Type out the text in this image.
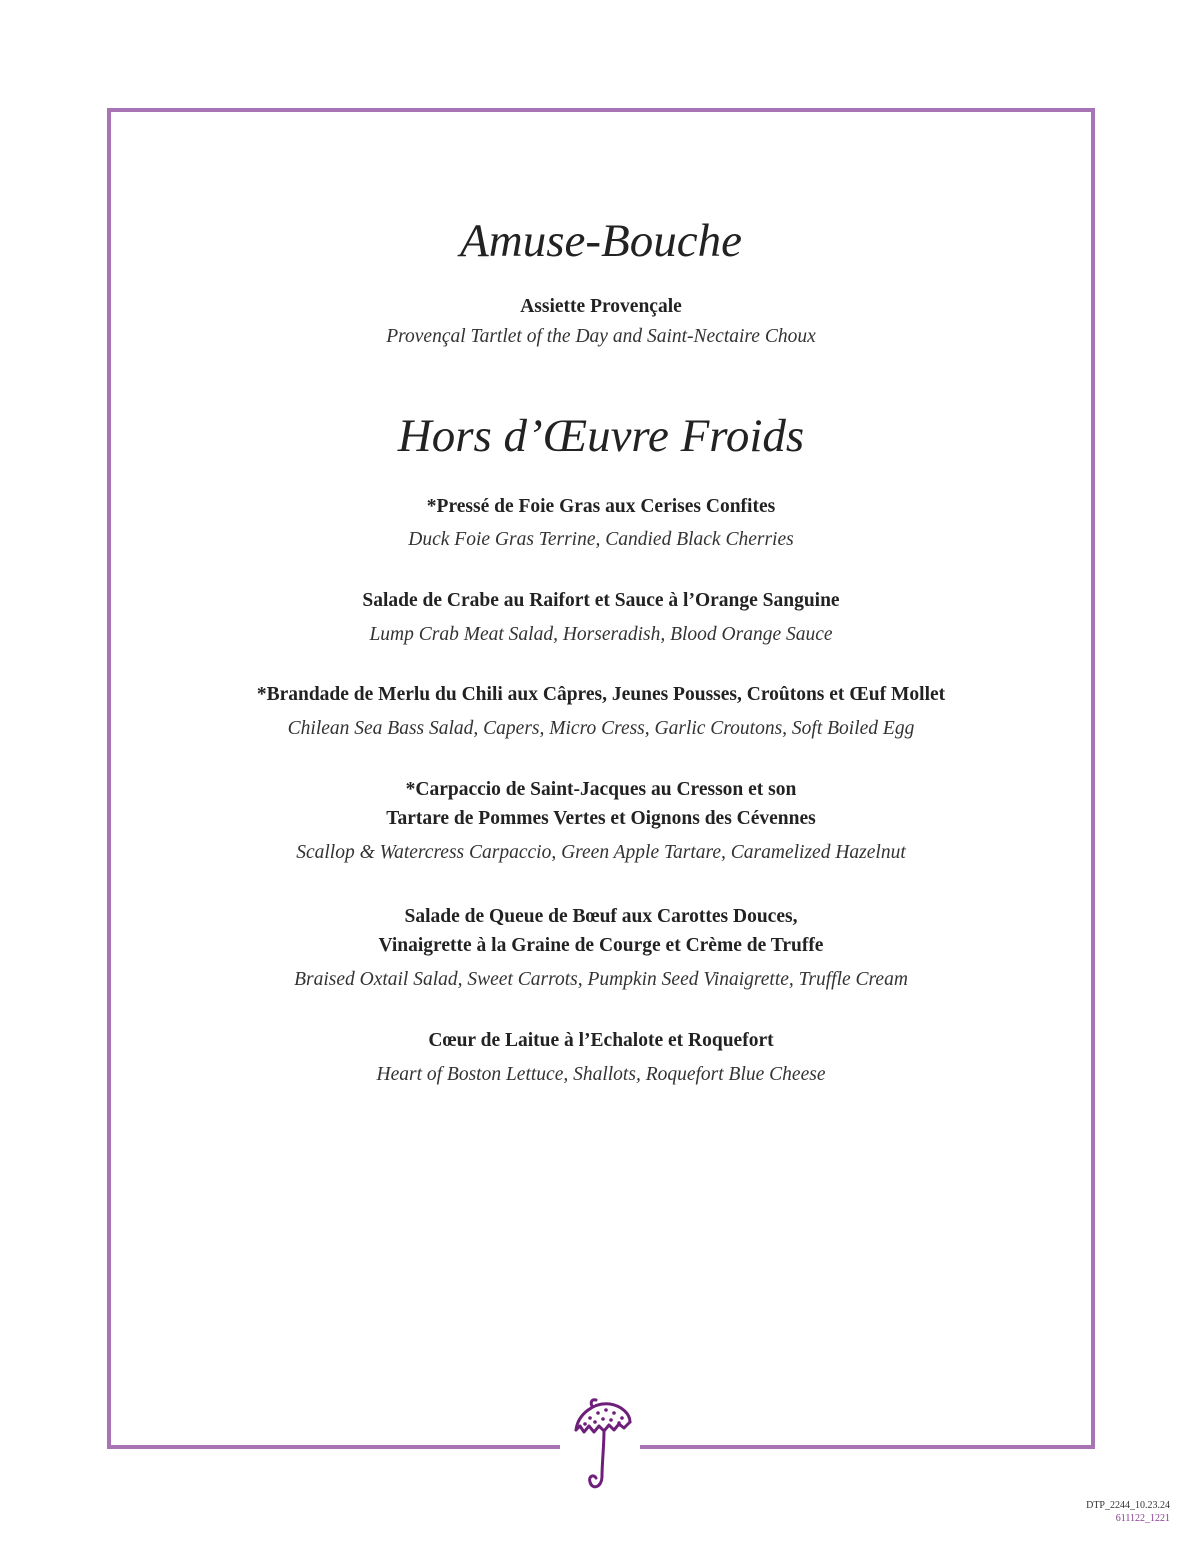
Amuse-Bouche
Assiette Provençale
Provençal Tartlet of the Day and Saint-Nectaire Choux
Hors d’Œuvre Froids
*Pressé de Foie Gras aux Cerises Confites
Duck Foie Gras Terrine, Candied Black Cherries
Salade de Crabe au Raifort et Sauce à l’Orange Sanguine
Lump Crab Meat Salad, Horseradish, Blood Orange Sauce
*Brandade de Merlu du Chili aux Câpres, Jeunes Pousses, Croûtons et Œuf Mollet
Chilean Sea Bass Salad, Capers, Micro Cress, Garlic Croutons, Soft Boiled Egg
*Carpaccio de Saint-Jacques au Cresson et son
Tartare de Pommes Vertes et Oignons des Cévennes
Scallop & Watercress Carpaccio, Green Apple Tartare, Caramelized Hazelnut
Salade de Queue de Bœuf aux Carottes Douces,
Vinaigrette à la Graine de Courge et Crème de Truffe
Braised Oxtail Salad, Sweet Carrots, Pumpkin Seed Vinaigrette, Truffle Cream
Cœur de Laitue à l’Echalote et Roquefort
Heart of Boston Lettuce, Shallots, Roquefort Blue Cheese
DTP_2244_10.23.24
611122_1221
